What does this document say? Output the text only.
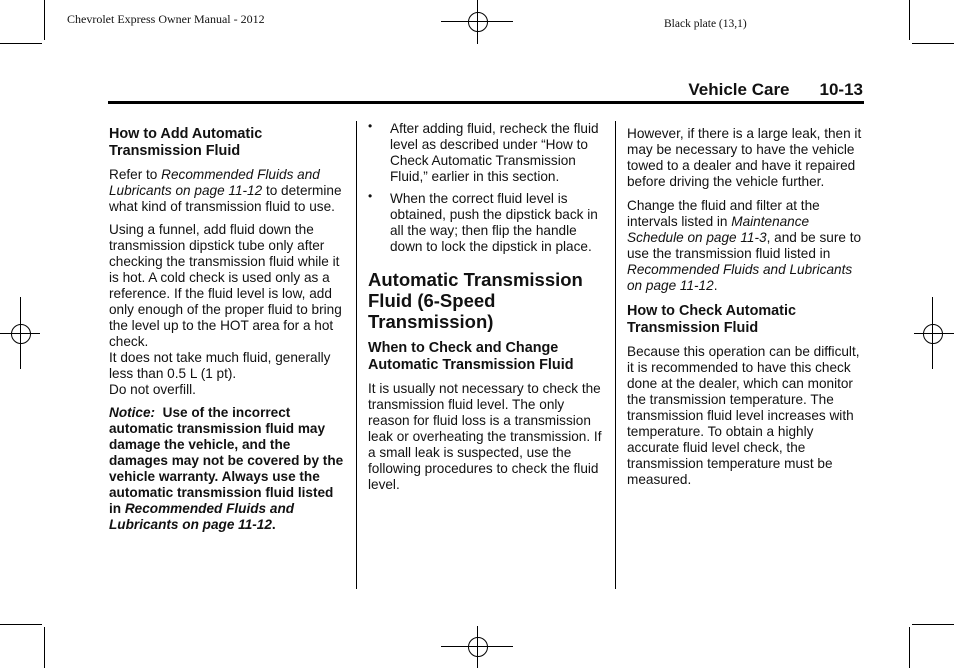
Chevrolet Express Owner Manual - 2012	Black plate (13,1)
Vehicle Care 10-13
How to Add Automatic Transmission Fluid

Refer to Recommended Fluids and Lubricants on page 11-12 to determine what kind of transmission fluid to use.

Using a funnel, add fluid down the transmission dipstick tube only after checking the transmission fluid while it is hot. A cold check is used only as a reference. If the fluid level is low, add only enough of the proper fluid to bring the level up to the HOT area for a hot check.
It does not take much fluid, generally less than 0.5 L (1 pt).
Do not overfill.

Notice:  Use of the incorrect automatic transmission fluid may damage the vehicle, and the damages may not be covered by the vehicle warranty. Always use the automatic transmission fluid listed in Recommended Fluids and Lubricants on page 11-12.

• After adding fluid, recheck the fluid level as described under “How to Check Automatic Transmission Fluid,” earlier in this section.
• When the correct fluid level is obtained, push the dipstick back in all the way; then flip the handle down to lock the dipstick in place.
Automatic Transmission Fluid (6-Speed Transmission)
When to Check and Change Automatic Transmission Fluid

It is usually not necessary to check the transmission fluid level. The only reason for fluid loss is a transmission leak or overheating the transmission. If a small leak is suspected, use the following procedures to check the fluid level.

However, if there is a large leak, then it may be necessary to have the vehicle towed to a dealer and have it repaired before driving the vehicle further.

Change the fluid and filter at the intervals listed in Maintenance Schedule on page 11-3, and be sure to use the transmission fluid listed in Recommended Fluids and Lubricants on page 11-12.

How to Check Automatic Transmission Fluid

Because this operation can be difficult, it is recommended to have this check done at the dealer, which can monitor the transmission temperature. The transmission fluid level increases with temperature. To obtain a highly accurate fluid level check, the transmission temperature must be measured.
